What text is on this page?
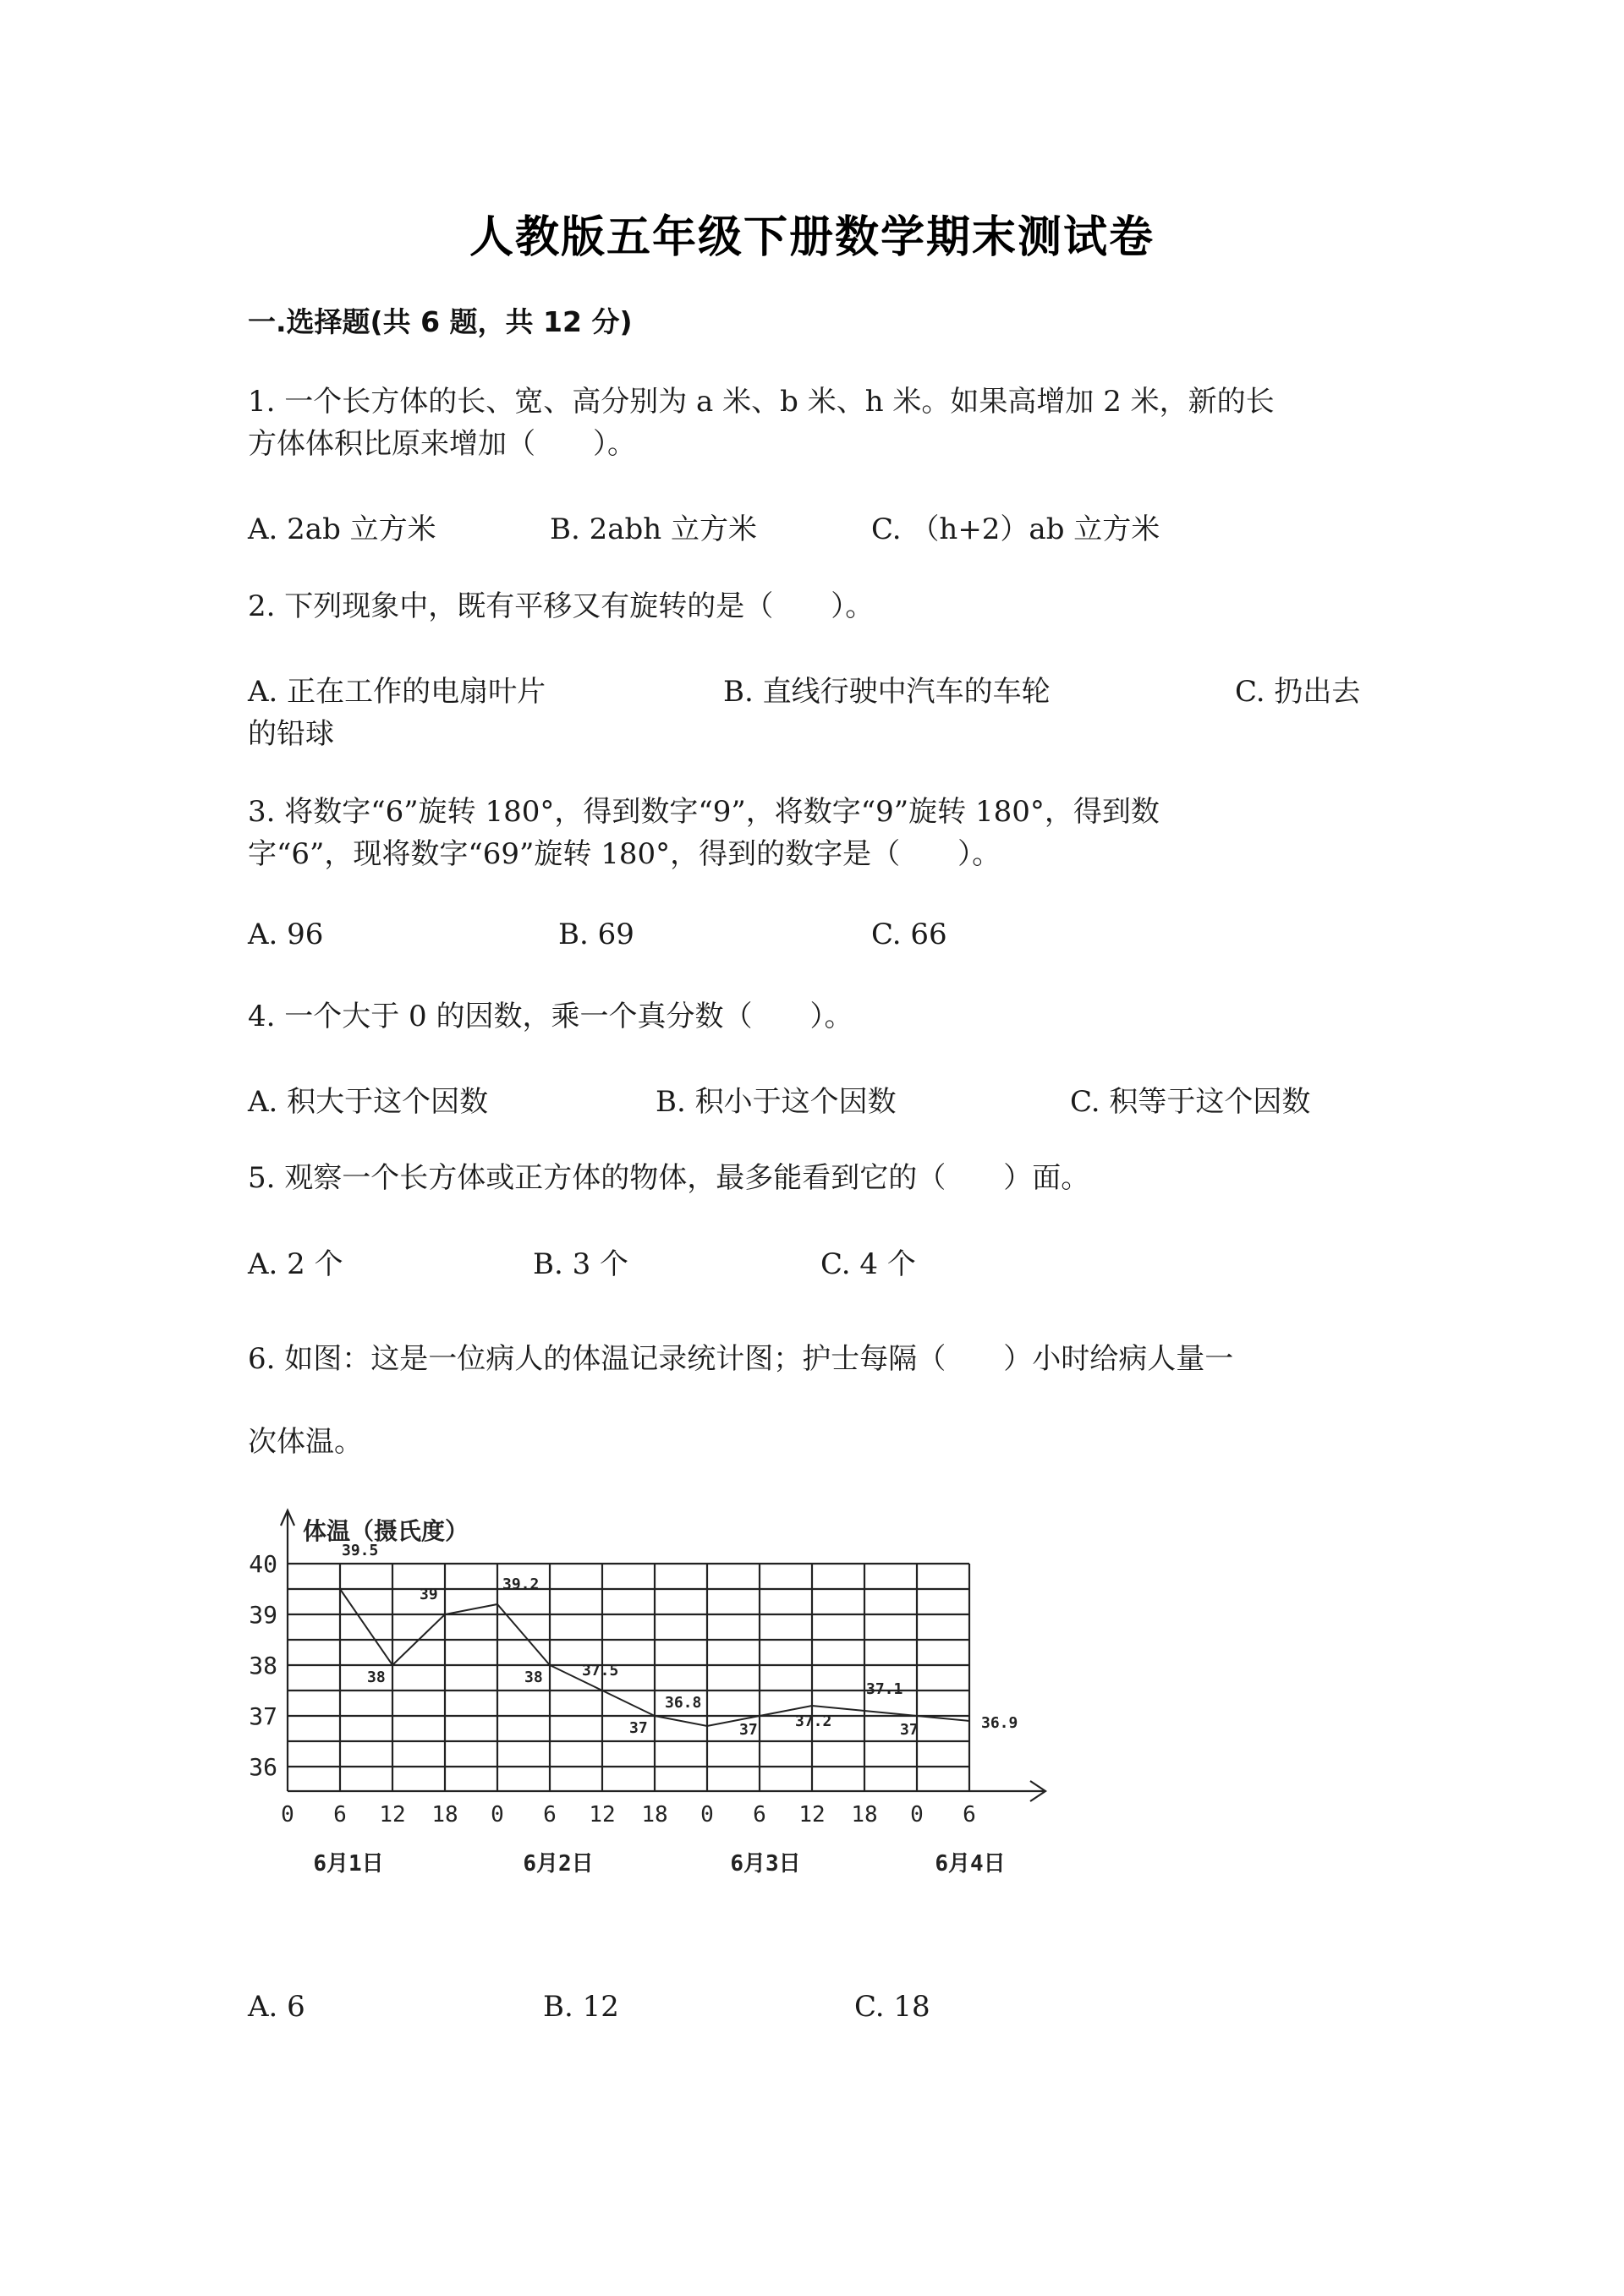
人教版五年级下册数学期末测试卷
一.选择题(共 6 题，共 12 分)
1. 一个长方体的长、宽、高分别为 a 米、b 米、h 米。如果高增加 2 米，新的长
方体体积比原来增加（　　）。
A. 2ab 立方米	B. 2abh 立方米	C. （h+2）ab 立方米
2. 下列现象中，既有平移又有旋转的是（　　）。
A. 正在工作的电扇叶片	B. 直线行驶中汽车的车轮	C. 扔出去
的铅球
3. 将数字“6”旋转 180°，得到数字“9”，将数字“9”旋转 180°，得到数
字“6”，现将数字“69”旋转 180°，得到的数字是（　　）。
A. 96	B. 69	C. 66
4. 一个大于 0 的因数，乘一个真分数（　　）。
A. 积大于这个因数	B. 积小于这个因数	C. 积等于这个因数
5. 观察一个长方体或正方体的物体，最多能看到它的（　　）面。
A. 2 个	B. 3 个	C. 4 个
6. 如图：这是一位病人的体温记录统计图；护士每隔（　　）小时给病人量一
次体温。
体温（摄氏度）
40
39
38
37
36
0 6 12 18 0 6 12 18 0 6 12 18 0 6
6月1日	6月2日	6月3日	6月4日
39.5
38
39
39.2
38	37.5
37
36.8
37 37.2
37.1
37	36.9
A. 6	B. 12	C. 18
